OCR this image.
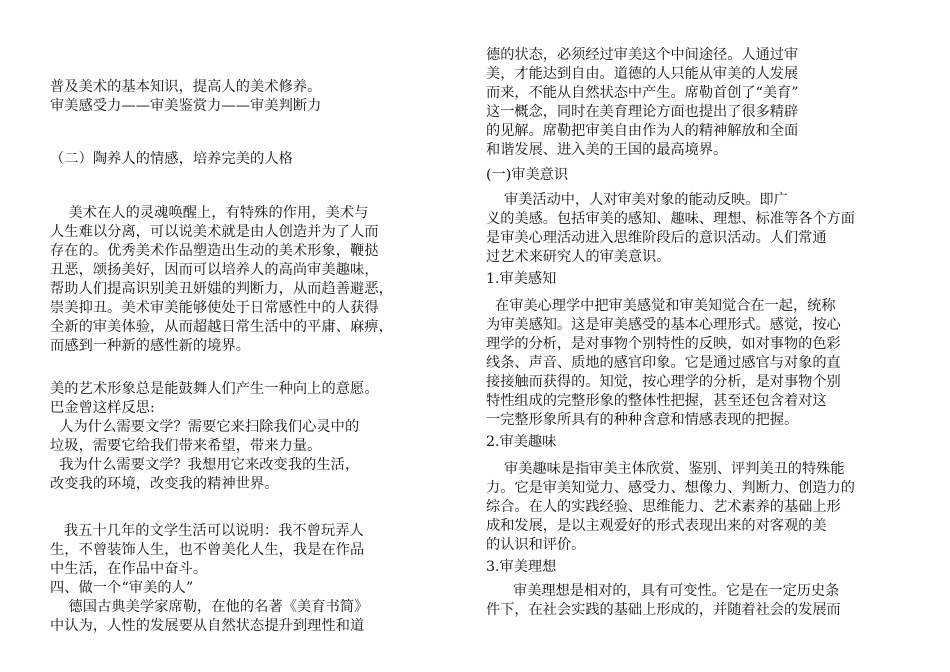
普及美术的基本知识，提高人的美术修养。
审美感受力——审美鉴赏力——审美判断力
（二）陶养人的情感，培养完美的人格
美术在人的灵魂唤醒上，有特殊的作用，美术与
人生难以分离，可以说美术就是由人创造并为了人而
存在的。优秀美术作品塑造出生动的美术形象，鞭挞
丑恶，颂扬美好，因而可以培养人的高尚审美趣味，
帮助人们提高识别美丑妍媸的判断力，从而趋善避恶，
崇美抑丑。美术审美能够使处于日常感性中的人获得
全新的审美体验，从而超越日常生活中的平庸、麻痹，
而感到一种新的感性新的境界。
美的艺术形象总是能鼓舞人们产生一种向上的意愿。
巴金曾这样反思:
人为什么需要文学？需要它来扫除我们心灵中的
垃圾，需要它给我们带来希望，带来力量。
我为什么需要文学？我想用它来改变我的生活，
改变我的环境，改变我的精神世界。
我五十几年的文学生活可以说明：我不曾玩弄人
生，不曾装饰人生，也不曾美化人生，我是在作品
中生活，在作品中奋斗。
四、做一个“审美的人”
德国古典美学家席勒，在他的名著《美育书简》
中认为，人性的发展要从自然状态提升到理性和道
德的状态，必须经过审美这个中间途径。人通过审
美，才能达到自由。道德的人只能从审美的人发展
而来，不能从自然状态中产生。席勒首创了“美育”
这一概念，同时在美育理论方面也提出了很多精辟
的见解。席勒把审美自由作为人的精神解放和全面
和谐发展、进入美的王国的最高境界。
(一)审美意识
审美活动中，人对审美对象的能动反映。即广
义的美感。包括审美的感知、趣味、理想、标准等各个方面
是审美心理活动进入思维阶段后的意识活动。人们常通
过艺术来研究人的审美意识。
1.审美感知
在审美心理学中把审美感觉和审美知觉合在一起，统称
为审美感知。这是审美感受的基本心理形式。感觉，按心
理学的分析，是对事物个别特性的反映，如对事物的色彩
线条、声音、质地的感官印象。它是通过感官与对象的直
接接触而获得的。知觉，按心理学的分析，是对事物个别
特性组成的完整形象的整体性把握，甚至还包含着对这
一完整形象所具有的种种含意和情感表现的把握。
2.审美趣味
审美趣味是指审美主体欣赏、鉴别、评判美丑的特殊能
力。它是审美知觉力、感受力、想像力、判断力、创造力的
综合。在人的实践经验、思维能力、艺术素养的基础上形
成和发展，是以主观爱好的形式表现出来的对客观的美
的认识和评价。
3.审美理想
审美理想是相对的，具有可变性。它是在一定历史条
件下，在社会实践的基础上形成的，并随着社会的发展而
